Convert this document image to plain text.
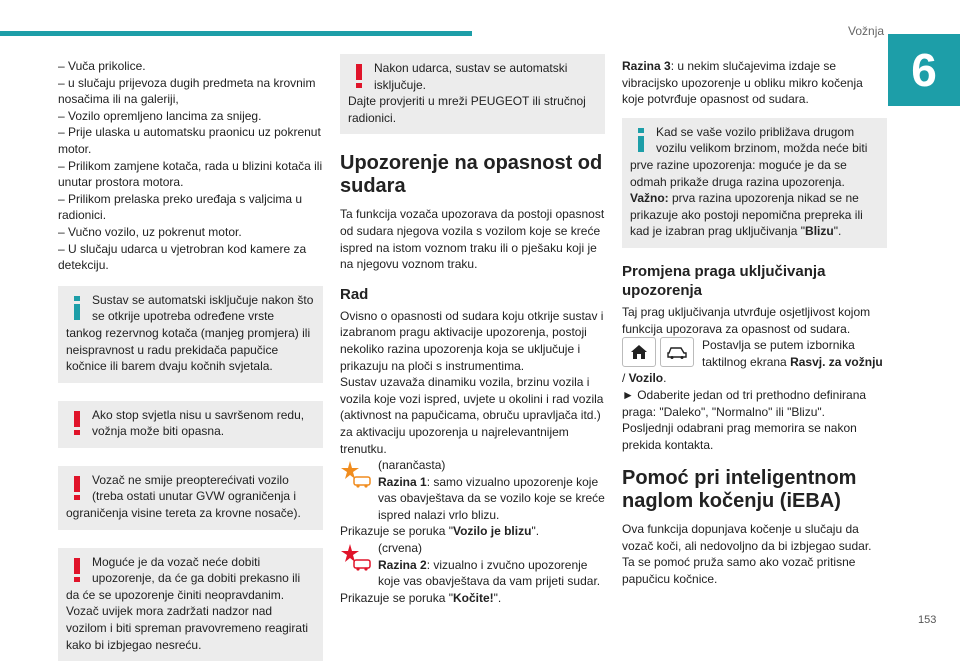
Vožnja
6
153
– Vuča prikolice.
– u slučaju prijevoza dugih predmeta na krovnim nosačima ili na galeriji,
– Vozilo opremljeno lancima za snijeg.
– Prije ulaska u automatsku praonicu uz pokrenut motor.
– Prilikom zamjene kotača, rada u blizini kotača ili unutar prostora motora.
– Prilikom prelaska preko uređaja s valjcima u radionici.
– Vučno vozilo, uz pokrenut motor.
– U slučaju udarca u vjetrobran kod kamere za detekciju.
Sustav se automatski isključuje nakon što se otkrije upotreba određene vrste
tankog rezervnog kotača (manjeg promjera) ili neispravnost u radu prekidača papučice kočnice ili barem dvaju kočnih svjetala.
Ako stop svjetla nisu u savršenom redu, vožnja može biti opasna.
Vozač ne smije preopterećivati vozilo (treba ostati unutar GVW ograničenja i
ograničenja visine tereta za krovne nosače).
Moguće je da vozač neće dobiti upozorenje, da će ga dobiti prekasno ili
da će se upozorenje činiti neopravdanim. Vozač uvijek mora zadržati nadzor nad vozilom i biti spreman pravovremeno reagirati kako bi izbjegao nesreću.
Nakon udarca, sustav se automatski isključuje.
Dajte provjeriti u mreži PEUGEOT ili stručnoj radionici.
Upozorenje na opasnost od sudara
Ta funkcija vozača upozorava da postoji opasnost od sudara njegova vozila s vozilom koje se kreće ispred na istom voznom traku ili o pješaku koji je na njegovu voznom traku.
Rad
Ovisno o opasnosti od sudara koju otkrije sustav i izabranom pragu aktivacije upozorenja, postoji nekoliko razina upozorenja koja se uključuje i prikazuju na ploči s instrumentima.
Sustav uzavaža dinamiku vozila, brzinu vozila i vozila koje vozi ispred, uvjete u okolini i rad vozila (aktivnost na papučicama, obruču upravljača itd.) za aktivaciju upozorenja u najrelevantnijem trenutku.
(narančasta)
Razina 1: samo vizualno upozorenje koje vas obavještava da se vozilo koje se kreće ispred nalazi vrlo blizu.
Prikazuje se poruka "Vozilo je blizu".
(crvena)
Razina 2: vizualno i zvučno upozorenje koje vas obavještava da vam prijeti sudar.
Prikazuje se poruka "Kočite!".
Razina 3: u nekim slučajevima izdaje se vibracijsko upozorenje u obliku mikro kočenja koje potvrđuje opasnost od sudara.
Kad se vaše vozilo približava drugom vozilu velikom brzinom, možda neće biti
prve razine upozorenja: moguće je da se odmah prikaže druga razina upozorenja.
Važno: prva razina upozorenja nikad se ne prikazuje ako postoji nepomična prepreka ili kad je izabran prag uključivanja "Blizu".
Promjena praga uključivanja upozorenja
Taj prag uključivanja utvrđuje osjetljivost kojom funkcija upozorava za opasnost od sudara.
Postavlja se putem izbornika taktilnog ekrana Rasvj. za vožnju / Vozilo.
► Odaberite jedan od tri prethodno definirana praga: "Daleko", "Normalno" ili "Blizu".
Posljednji odabrani prag memorira se nakon prekida kontakta.
Pomoć pri inteligentnom naglom kočenju (iEBA)
Ova funkcija dopunjava kočenje u slučaju da vozač koči, ali nedovoljno da bi izbjegao sudar. Ta se pomoć pruža samo ako vozač pritisne papučicu kočnice.
